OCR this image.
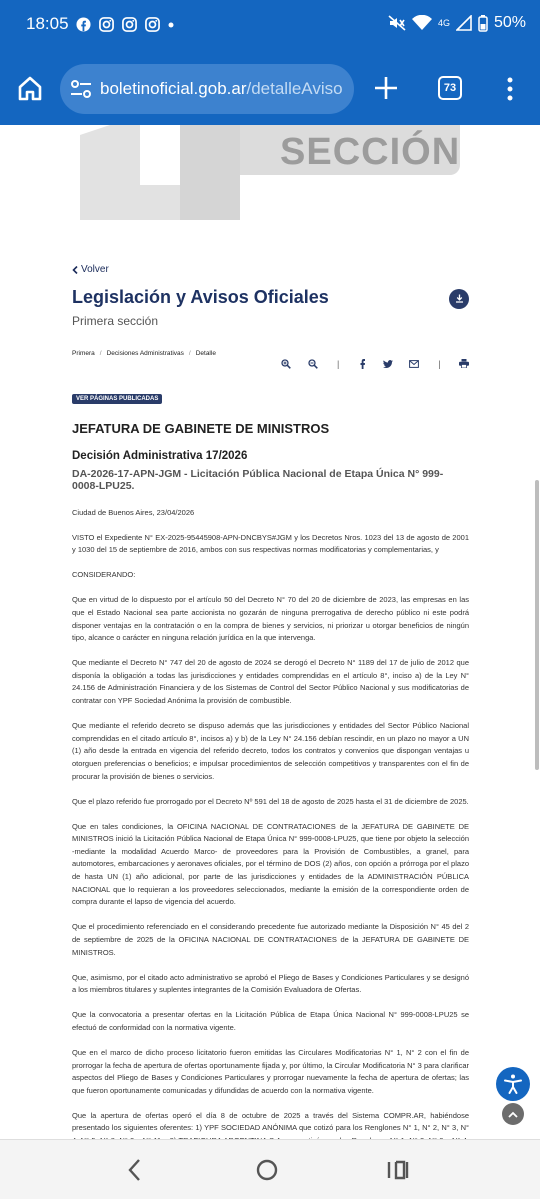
18:05	4G	50%
boletinoficial.gob.ar/detalleAviso	73
SECCIÓN
Volver
Legislación y Avisos Oficiales
Primera sección
Primera / Decisiones Administrativas / Detalle
|	|
VER PÁGINAS PUBLICADAS
JEFATURA DE GABINETE DE MINISTROS
Decisión Administrativa 17/2026
DA-2026-17-APN-JGM - Licitación Pública Nacional de Etapa Única N° 999-0008-LPU25.

Ciudad de Buenos Aires, 23/04/2026

VISTO el Expediente N° EX-2025-95445908-APN-DNCBYS#JGM y los Decretos Nros. 1023 del 13 de agosto de 2001 y 1030 del 15 de septiembre de 2016, ambos con sus respectivas normas modificatorias y complementarias, y

CONSIDERANDO:

Que en virtud de lo dispuesto por el artículo 50 del Decreto N° 70 del 20 de diciembre de 2023, las empresas en las que el Estado Nacional sea parte accionista no gozarán de ninguna prerrogativa de derecho público ni este podrá disponer ventajas en la contratación o en la compra de bienes y servicios, ni priorizar u otorgar beneficios de ningún tipo, alcance o carácter en ninguna relación jurídica en la que intervenga.

Que mediante el Decreto N° 747 del 20 de agosto de 2024 se derogó el Decreto N° 1189 del 17 de julio de 2012 que disponía la obligación a todas las jurisdicciones y entidades comprendidas en el artículo 8°, inciso a) de la Ley N° 24.156 de Administración Financiera y de los Sistemas de Control del Sector Público Nacional y sus modificatorias de contratar con YPF Sociedad Anónima la provisión de combustible.

Que mediante el referido decreto se dispuso además que las jurisdicciones y entidades del Sector Público Nacional comprendidas en el citado artículo 8°, incisos a) y b) de la Ley N° 24.156 debían rescindir, en un plazo no mayor a UN (1) año desde la entrada en vigencia del referido decreto, todos los contratos y convenios que dispongan ventajas u otorguen preferencias o beneficios; e impulsar procedimientos de selección competitivos y transparentes con el fin de procurar la provisión de bienes o servicios.

Que el plazo referido fue prorrogado por el Decreto Nº 591 del 18 de agosto de 2025 hasta el 31 de diciembre de 2025.

Que en tales condiciones, la OFICINA NACIONAL DE CONTRATACIONES de la JEFATURA DE GABINETE DE MINISTROS inició la Licitación Pública Nacional de Etapa Única N° 999-0008-LPU25, que tiene por objeto la selección -mediante la modalidad Acuerdo Marco- de proveedores para la Provisión de Combustibles, a granel, para automotores, embarcaciones y aeronaves oficiales, por el término de DOS (2) años, con opción a prórroga por el plazo de hasta UN (1) año adicional, por parte de las jurisdicciones y entidades de la ADMINISTRACIÓN PÚBLICA NACIONAL que lo requieran a los proveedores seleccionados, mediante la emisión de la correspondiente orden de compra durante el lapso de vigencia del acuerdo.

Que el procedimiento referenciado en el considerando precedente fue autorizado mediante la Disposición N° 45 del 2 de septiembre de 2025 de la OFICINA NACIONAL DE CONTRATACIONES de la JEFATURA DE GABINETE DE MINISTROS.

Que, asimismo, por el citado acto administrativo se aprobó el Pliego de Bases y Condiciones Particulares y se designó a los miembros titulares y suplentes integrantes de la Comisión Evaluadora de Ofertas.

Que la convocatoria a presentar ofertas en la Licitación Pública de Etapa Única Nacional N° 999-0008-LPU25 se efectuó de conformidad con la normativa vigente.

Que en el marco de dicho proceso licitatorio fueron emitidas las Circulares Modificatorias N° 1, N° 2 con el fin de prorrogar la fecha de apertura de ofertas oportunamente fijada y, por último, la Circular Modificatoria N° 3 para clarificar aspectos del Pliego de Bases y Condiciones Particulares y prorrogar nuevamente la fecha de apertura de ofertas; las que fueron oportunamente comunicadas y difundidas de acuerdo con la normativa vigente.

Que la apertura de ofertas operó el día 8 de octubre de 2025 a través del Sistema COMPR.AR, habiéndose presentado los siguientes oferentes: 1) YPF SOCIEDAD ANÓNIMA que cotizó para los Renglones N° 1, N° 2, N° 3, N°
